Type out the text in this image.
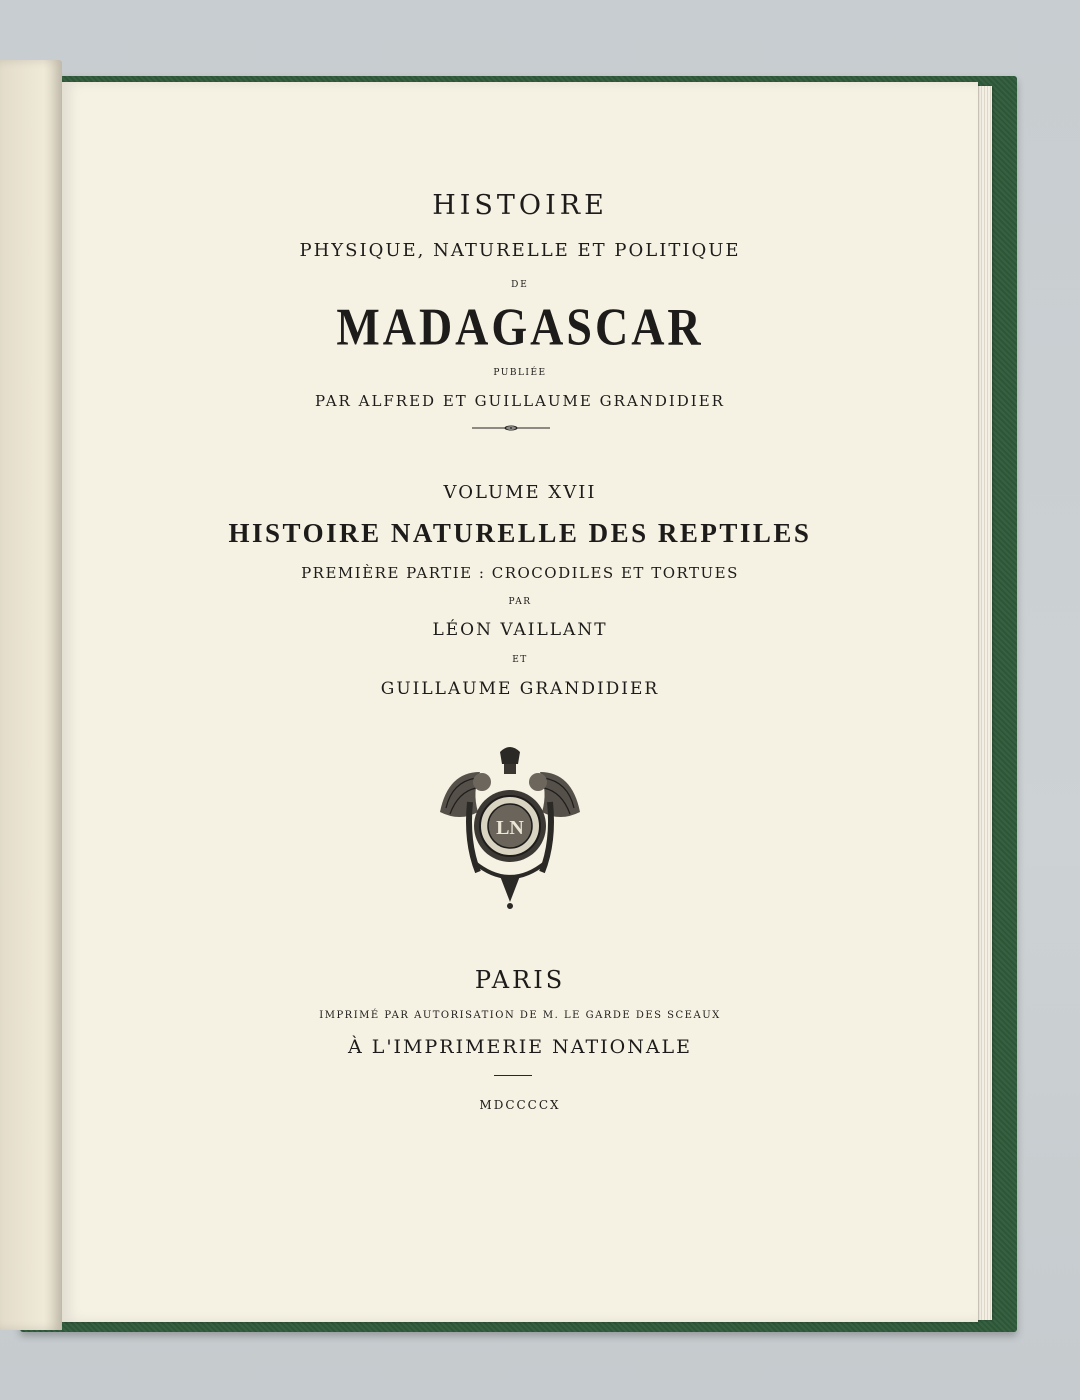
HISTOIRE
PHYSIQUE, NATURELLE ET POLITIQUE
DE
MADAGASCAR
PUBLIÉE
PAR ALFRED ET GUILLAUME GRANDIDIER
VOLUME XVII
HISTOIRE NATURELLE DES REPTILES
PREMIÈRE PARTIE : CROCODILES ET TORTUES
PAR
LÉON VAILLANT
ET
GUILLAUME GRANDIDIER
LN
PARIS
IMPRIMÉ PAR AUTORISATION DE M. LE GARDE DES SCEAUX
À L'IMPRIMERIE NATIONALE
MDCCCCX
